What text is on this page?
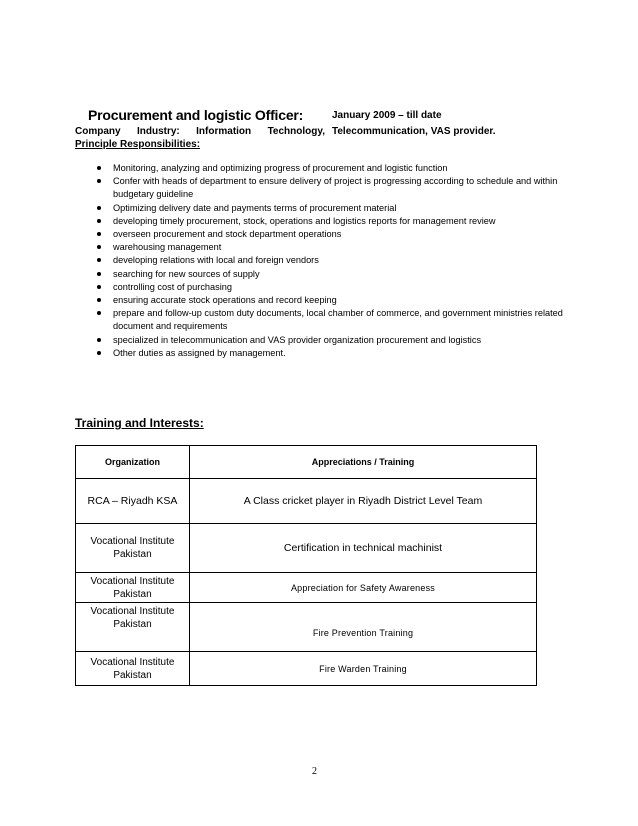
Procurement and logistic Officer:	January 2009 – till date
Company Industry: Information Technology, Telecommunication, VAS provider.
Principle Responsibilities:
Monitoring, analyzing and optimizing progress of procurement and logistic function
Confer with heads of department to ensure delivery of project is progressing according to schedule and within budgetary guideline
Optimizing delivery date and payments terms of procurement material
developing timely procurement, stock, operations and logistics reports for management review
overseen procurement and stock department operations
warehousing management
developing relations with local and foreign vendors
searching for new sources of supply
controlling cost of purchasing
ensuring accurate stock operations and record keeping
prepare and follow-up custom duty documents, local chamber of commerce, and government ministries related document and requirements
specialized in telecommunication and VAS provider organization procurement and logistics
Other duties as assigned by management.
Training and Interests:
Organization	Appreciations / Training
RCA – Riyadh KSA	A Class cricket player in Riyadh District Level Team
Vocational Institute Pakistan	Certification in technical machinist
Vocational Institute Pakistan	Appreciation for Safety Awareness
Vocational Institute Pakistan	Fire Prevention Training
Vocational Institute Pakistan	Fire Warden Training
2
